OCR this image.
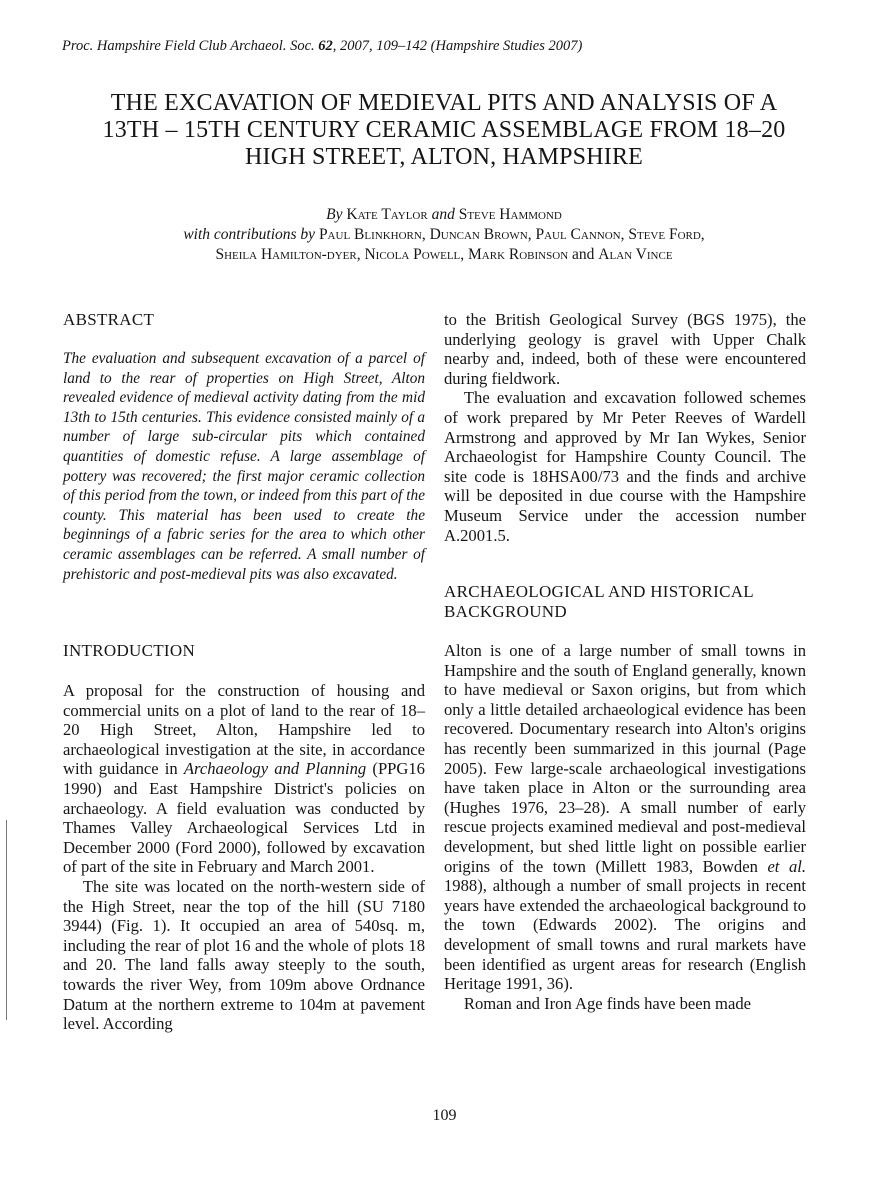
Proc. Hampshire Field Club Archaeol. Soc. 62, 2007, 109–142 (Hampshire Studies 2007)
THE EXCAVATION OF MEDIEVAL PITS AND ANALYSIS OF A
13TH – 15TH CENTURY CERAMIC ASSEMBLAGE FROM 18–20
HIGH STREET, ALTON, HAMPSHIRE
By Kate Taylor and Steve Hammond
with contributions by Paul Blinkhorn, Duncan Brown, Paul Cannon, Steve Ford,
Sheila Hamilton-dyer, Nicola Powell, Mark Robinson and Alan Vince
ABSTRACT

The evaluation and subsequent excavation of a parcel of land to the rear of properties on High Street, Alton revealed evidence of medieval activity dating from the mid 13th to 15th centuries. This evidence consisted mainly of a number of large sub-circular pits which contained quantities of domestic refuse. A large assemblage of pottery was recovered; the first major ceramic collection of this period from the town, or indeed from this part of the county. This material has been used to create the beginnings of a fabric series for the area to which other ceramic assemblages can be referred. A small number of prehistoric and post-medieval pits was also excavated.

INTRODUCTION

A proposal for the construction of housing and commercial units on a plot of land to the rear of 18–20 High Street, Alton, Hampshire led to archaeological investigation at the site, in accordance with guidance in Archaeology and Planning (PPG16 1990) and East Hampshire District's policies on archaeology. A field evaluation was conducted by Thames Valley Archaeological Services Ltd in December 2000 (Ford 2000), followed by excavation of part of the site in February and March 2001.

The site was located on the north-western side of the High Street, near the top of the hill (SU 7180 3944) (Fig. 1). It occupied an area of 540sq. m, including the rear of plot 16 and the whole of plots 18 and 20. The land falls away steeply to the south, towards the river Wey, from 109m above Ordnance Datum at the northern extreme to 104m at pavement level. According

to the British Geological Survey (BGS 1975), the underlying geology is gravel with Upper Chalk nearby and, indeed, both of these were encountered during fieldwork.

The evaluation and excavation followed schemes of work prepared by Mr Peter Reeves of Wardell Armstrong and approved by Mr Ian Wykes, Senior Archaeologist for Hampshire County Council. The site code is 18HSA00/73 and the finds and archive will be deposited in due course with the Hampshire Museum Service under the accession number A.2001.5.

ARCHAEOLOGICAL AND HISTORICAL
BACKGROUND

Alton is one of a large number of small towns in Hampshire and the south of England generally, known to have medieval or Saxon origins, but from which only a little detailed archaeological evidence has been recovered. Documentary research into Alton's origins has recently been summarized in this journal (Page 2005). Few large-scale archaeological investigations have taken place in Alton or the surrounding area (Hughes 1976, 23–28). A small number of early rescue projects examined medieval and post-medieval development, but shed little light on possible earlier origins of the town (Millett 1983, Bowden et al. 1988), although a number of small projects in recent years have extended the archaeological background to the town (Edwards 2002). The origins and development of small towns and rural markets have been identified as urgent areas for research (English Heritage 1991, 36).

Roman and Iron Age finds have been made

109
